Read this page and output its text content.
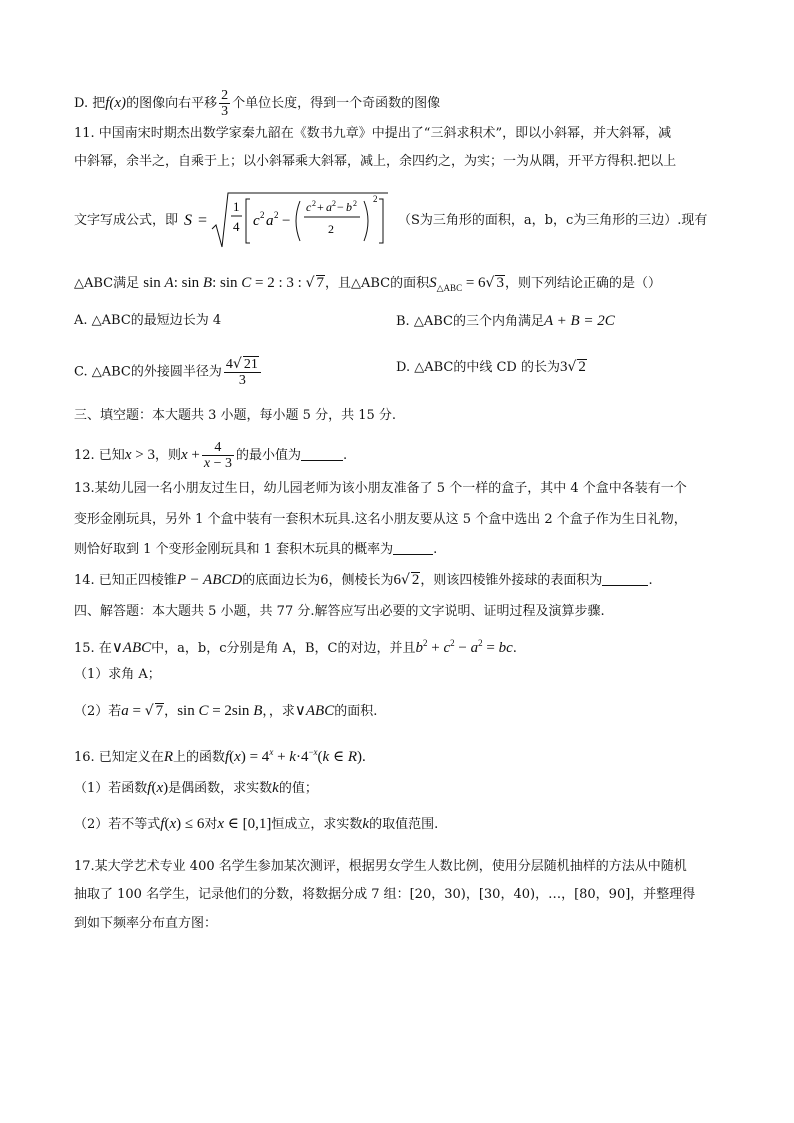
D. 把f(x)的图像向右平移 $\frac{2}{3}$ 个单位长度，得到一个奇函数的图像
11. 中国南宋时期杰出数学家秦九韶在《数书九章》中提出了“三斜求积术”，即以小斜幂，并大斜幂，减
中斜幂，余半之，自乘于上；以小斜幂乘大斜幂，减上，余四约之，为实；一为从隅，开平方得积.把以上
文字写成公式，即 S =
1
4 c 2 a 2 −
c 2 + a 2 − b 2
2
2
（S为三角形的面积，a，b，c为三角形的三边）.现有
△ABC满足 sin A: sin B: sin C = 2 : 3 : √ 7，且△ABC的面积$S_{\triangle ABC} = 6√$ 3，则下列结论正确的是（）
A. △ABC的最短边长为 4	B. △ABC的三个内角满足A + B = 2C
C. △ABC的外接圆半径为 $\frac{4√ 21}{3}$	D. △ABC的中线 CD 的长为3√ 2
三、填空题：本大题共 3 小题，每小题 5 分，共 15 分.
12. 已知x > 3，则$x + \frac{4}{x - 3}$ 的最小值为	.
13.某幼儿园一名小朋友过生日，幼儿园老师为该小朋友准备了 5 个一样的盒子，其中 4 个盒中各装有一个
变形金刚玩具，另外 1 个盒中装有一套积木玩具.这名小朋友要从这 5 个盒中选出 2 个盒子作为生日礼物，
则恰好取到 1 个变形金刚玩具和 1 套积木玩具的概率为	.
14. 已知正四棱锥P − ABCD的底面边长为6，侧棱长为6√ 2，则该四棱锥外接球的表面积为	.
四、解答题：本大题共 5 小题，共 77 分.解答应写出必要的文字说明、证明过程及演算步骤.
15. 在∨ABC中，a，b，c分别是角 A，B，C的对边，并且$b^2 + c^2 - a^2$ = bc.
（1）求角 A；
（2）若a = √ 7，sin C = 2sin B，，求∨ABC的面积.
16. 已知定义在R上的函数$f(x) = 4^x + k\cdot 4^{-x}(k$ ∈ R).
（1）若函数f(x)是偶函数，求实数k的值；
（2）若不等式f(x) ≤ 6对x ∈ [0,1]恒成立，求实数k的取值范围.
17.某大学艺术专业 400 名学生参加某次测评，根据男女学生人数比例，使用分层随机抽样的方法从中随机
抽取了 100 名学生，记录他们的分数，将数据分成 7 组：[20，30)，[30，40)，…，[80，90]，并整理得
到如下频率分布直方图：
